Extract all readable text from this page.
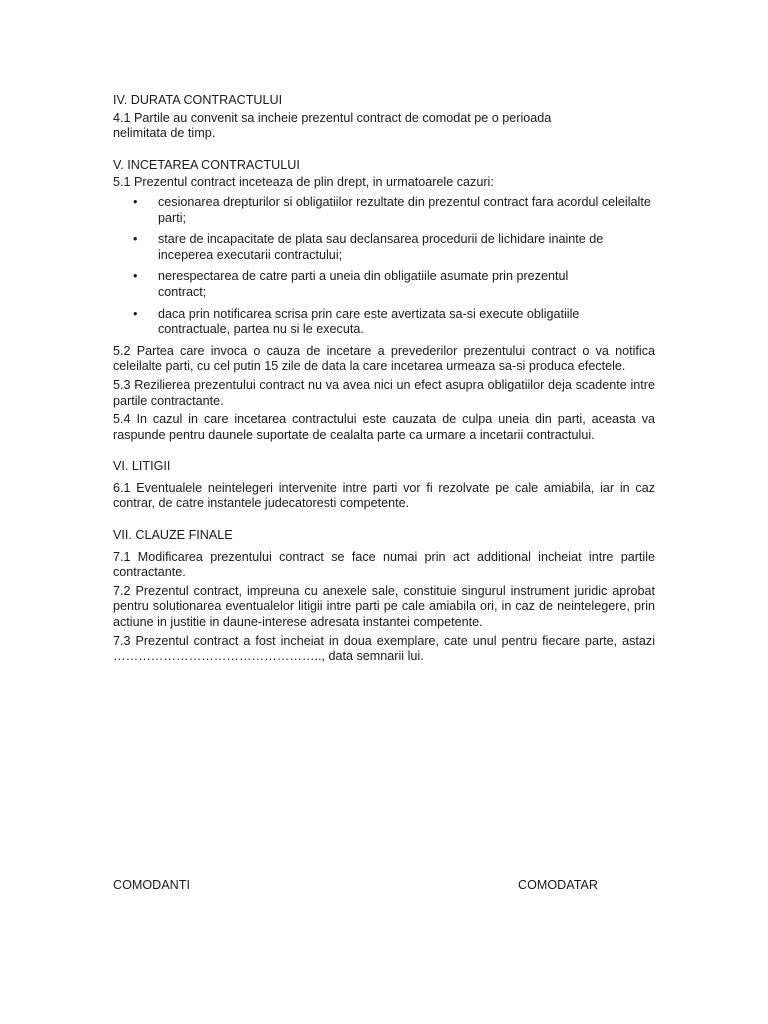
IV. DURATA CONTRACTULUI

4.1 Partile au convenit sa incheie prezentul contract de comodat pe o perioada nelimitata de timp.

V. INCETAREA CONTRACTULUI

5.1 Prezentul contract inceteaza de plin drept, in urmatoarele cazuri:

• cesionarea drepturilor si obligatiilor rezultate din prezentul contract fara acordul celeilalte parti;
• stare de incapacitate de plata sau declansarea procedurii de lichidare inainte de inceperea executarii contractului;
• nerespectarea de catre parti a uneia din obligatiile asumate prin prezentul contract;
• daca prin notificarea scrisa prin care este avertizata sa-si execute obligatiile contractuale, partea nu si le executa.

5.2 Partea care invoca o cauza de incetare a prevederilor prezentului contract o va notifica celeilalte parti, cu cel putin 15 zile de data la care incetarea urmeaza sa-si produca efectele.

5.3 Rezilierea prezentului contract nu va avea nici un efect asupra obligatiilor deja scadente intre partile contractante.

5.4 In cazul in care incetarea contractului este cauzata de culpa uneia din parti, aceasta va raspunde pentru daunele suportate de cealalta parte ca urmare a incetarii contractului.

VI. LITIGII

6.1 Eventualele neintelegeri intervenite intre parti vor fi rezolvate pe cale amiabila, iar in caz contrar, de catre instantele judecatoresti competente.

VII. CLAUZE FINALE

7.1 Modificarea prezentului contract se face numai prin act additional incheiat intre partile contractante.

7.2 Prezentul contract, impreuna cu anexele sale, constituie singurul instrument juridic aprobat pentru solutionarea eventualelor litigii intre parti pe cale amiabila ori, in caz de neintelegere, prin actiune in justitie in daune-interese adresata instantei competente.

7.3 Prezentul contract a fost incheiat in doua exemplare, cate unul pentru fiecare parte, astazi ………………………………………….., data semnarii lui.

COMODANTI	COMODATAR
